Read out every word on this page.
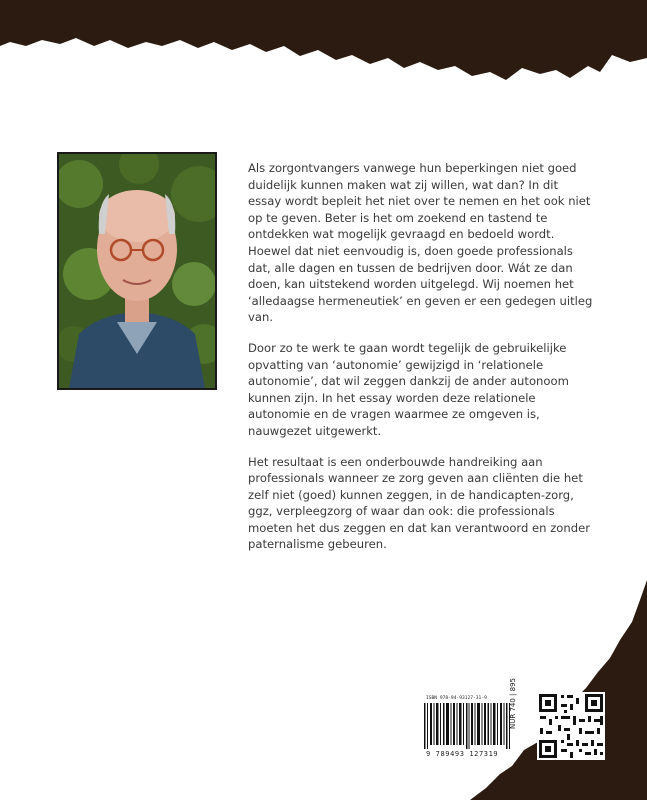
Als zorgontvangers vanwege hun beperkingen niet goed duidelijk kunnen maken wat zij willen, wat dan? In dit essay wordt bepleit het niet over te nemen en het ook niet op te geven. Beter is het om zoekend en tastend te ontdekken wat mogelijk gevraagd en bedoeld wordt. Hoewel dat niet eenvoudig is, doen goede professionals dat, alle dagen en tussen de bedrijven door. Wát ze dan doen, kan uitstekend worden uitgelegd. Wij noemen het ‘alledaagse hermeneutiek’ en geven er een gedegen uitleg van.

Door zo te werk te gaan wordt tegelijk de gebruikelijke opvatting van ‘autonomie’ gewijzigd in ‘relationele autonomie’, dat wil zeggen dankzij de ander autonoom kunnen zijn. In het essay worden deze relationele autonomie en de vragen waarmee ze omgeven is, nauwgezet uitgewerkt.

Het resultaat is een onderbouwde handreiking aan professionals wanneer ze zorg geven aan cliënten die het zelf niet (goed) kunnen zeggen, in de handicapten-zorg, ggz, verpleegzorg of waar dan ook: die professionals moeten het dus zeggen en dat kan verantwoord en zonder paternalisme gebeuren.

ISBN 978-94-93127-31-9
9 789493 127319
NUR 740 | 895
